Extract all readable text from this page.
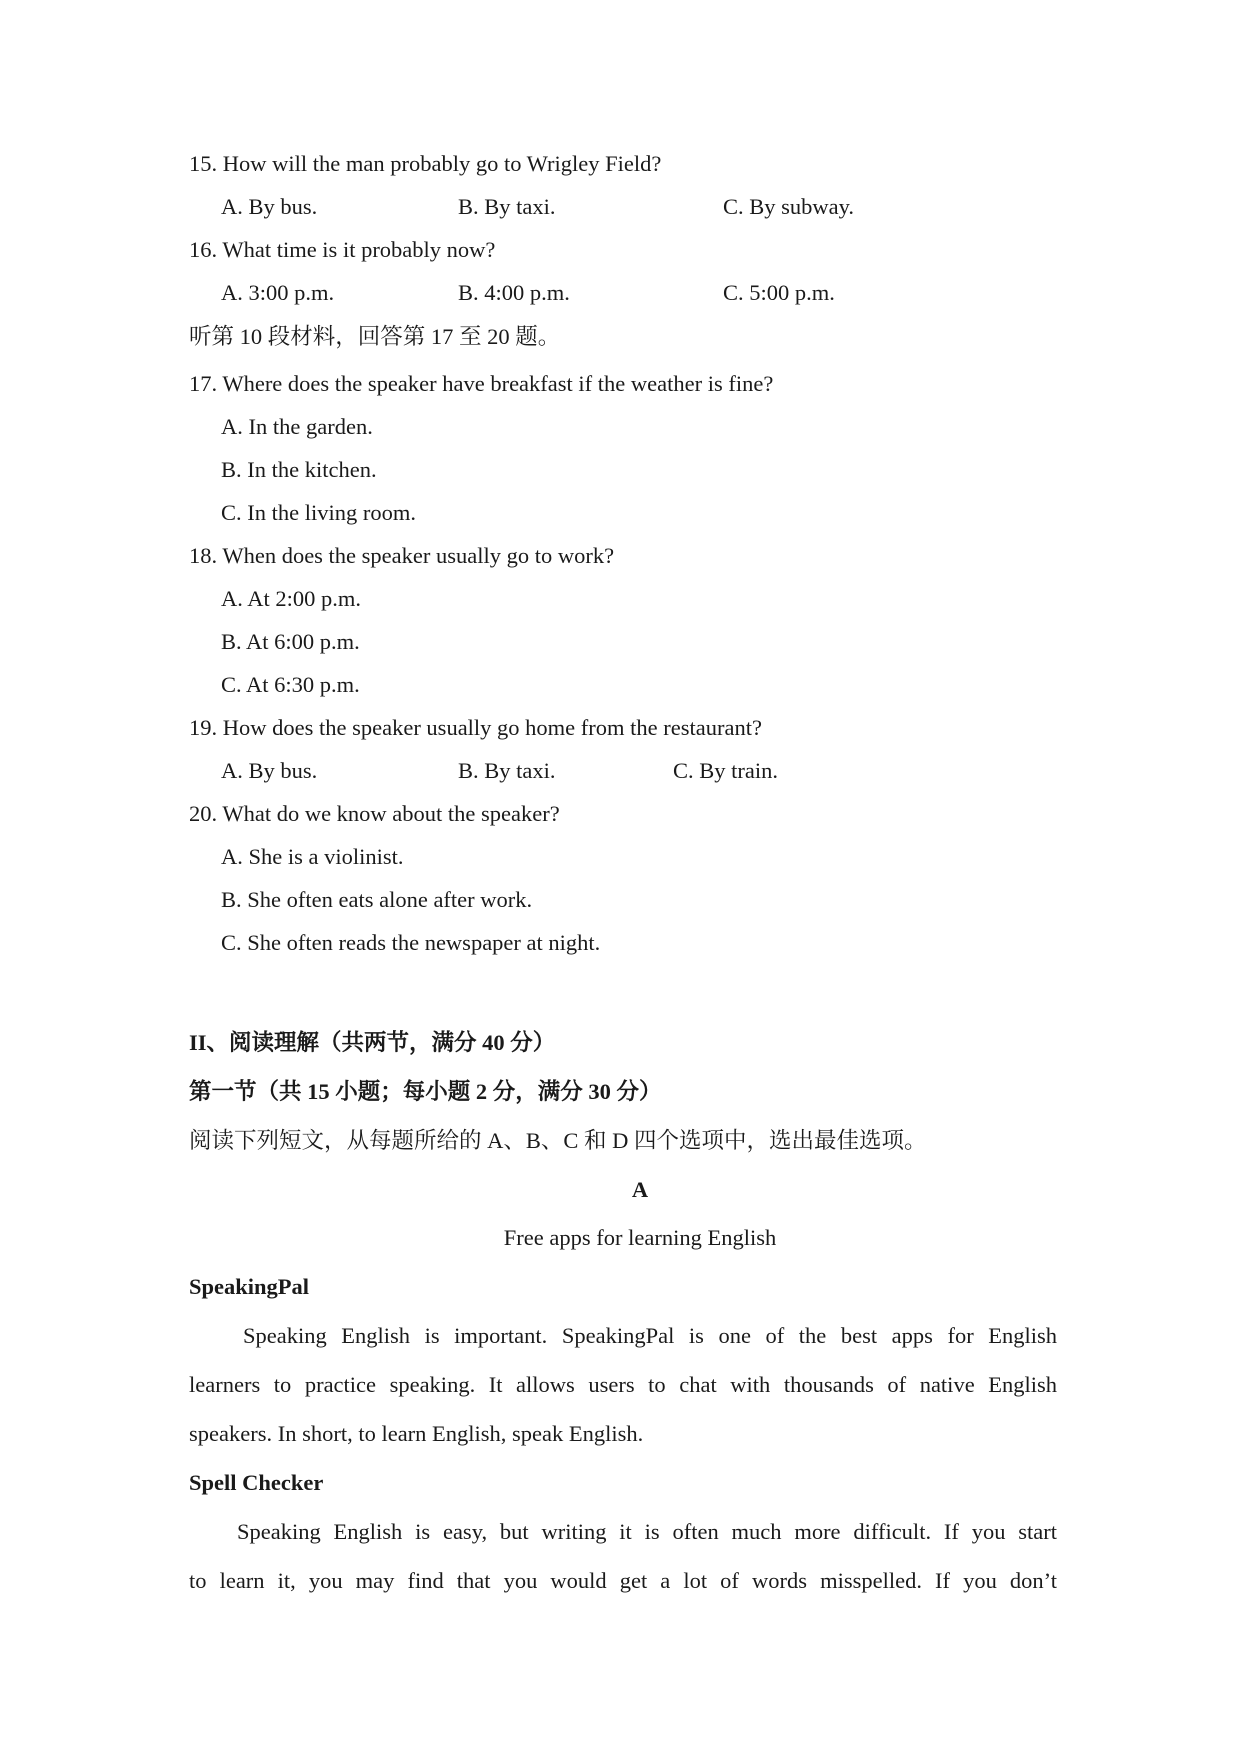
15. How will the man probably go to Wrigley Field?
A. By bus.	B. By taxi.	C. By subway.
16. What time is it probably now?
A. 3:00 p.m.	B. 4:00 p.m.	C. 5:00 p.m.
听第 10 段材料，回答第 17 至 20 题。
17. Where does the speaker have breakfast if the weather is fine?
A. In the garden.
B. In the kitchen.
C. In the living room.
18. When does the speaker usually go to work?
A. At 2:00 p.m.
B. At 6:00 p.m.
C. At 6:30 p.m.
19. How does the speaker usually go home from the restaurant?
A. By bus.	B. By taxi.	C. By train.
20. What do we know about the speaker?
A. She is a violinist.
B. She often eats alone after work.
C. She often reads the newspaper at night.
II、阅读理解（共两节，满分 40 分）
第一节（共 15 小题；每小题 2 分，满分 30 分）
阅读下列短文，从每题所给的 A、B、C 和 D 四个选项中，选出最佳选项。
A
Free apps for learning English
SpeakingPal
Speaking English is important. SpeakingPal is one of the best apps for English
learners to practice speaking. It allows users to chat with thousands of native English
speakers. In short, to learn English, speak English.
Spell Checker
Speaking English is easy, but writing it is often much more difficult. If you start
to learn it, you may find that you would get a lot of words misspelled. If you don’t
